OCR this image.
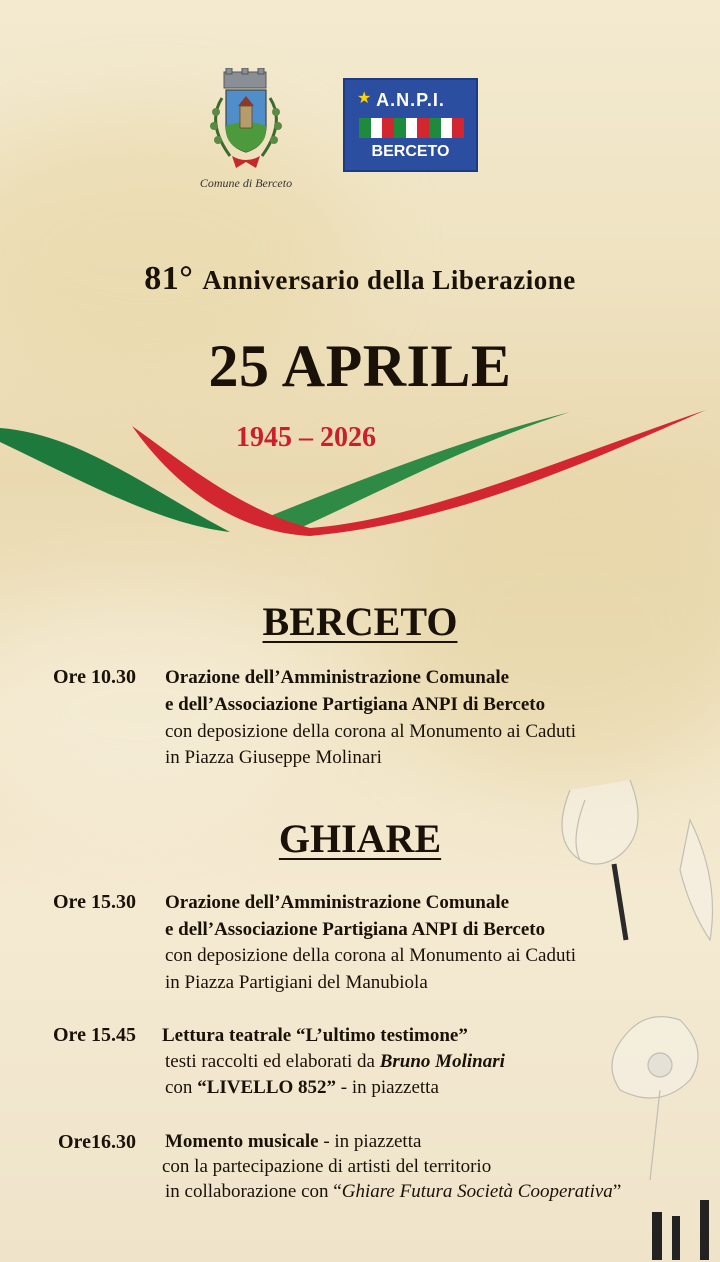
Comune di Berceto
★ A.N.P.I.
BERCETO
81° Anniversario della Liberazione
25 APRILE
1945 – 2026
BERCETO
Ore 10.30 Orazione dell’Amministrazione Comunale
e dell’Associazione Partigiana ANPI di Berceto
con deposizione della corona al Monumento ai Caduti
in Piazza Giuseppe Molinari
GHIARE
Ore 15.30 Orazione dell’Amministrazione Comunale
e dell’Associazione Partigiana ANPI di Berceto
con deposizione della corona al Monumento ai Caduti
in Piazza Partigiani del Manubiola
Ore 15.45 Lettura teatrale “L’ultimo testimone”
testi raccolti ed elaborati da Bruno Molinari
con “LIVELLO 852” - in piazzetta
Ore16.30 Momento musicale - in piazzetta
con la partecipazione di artisti del territorio
in collaborazione con “Ghiare Futura Società Cooperativa”
